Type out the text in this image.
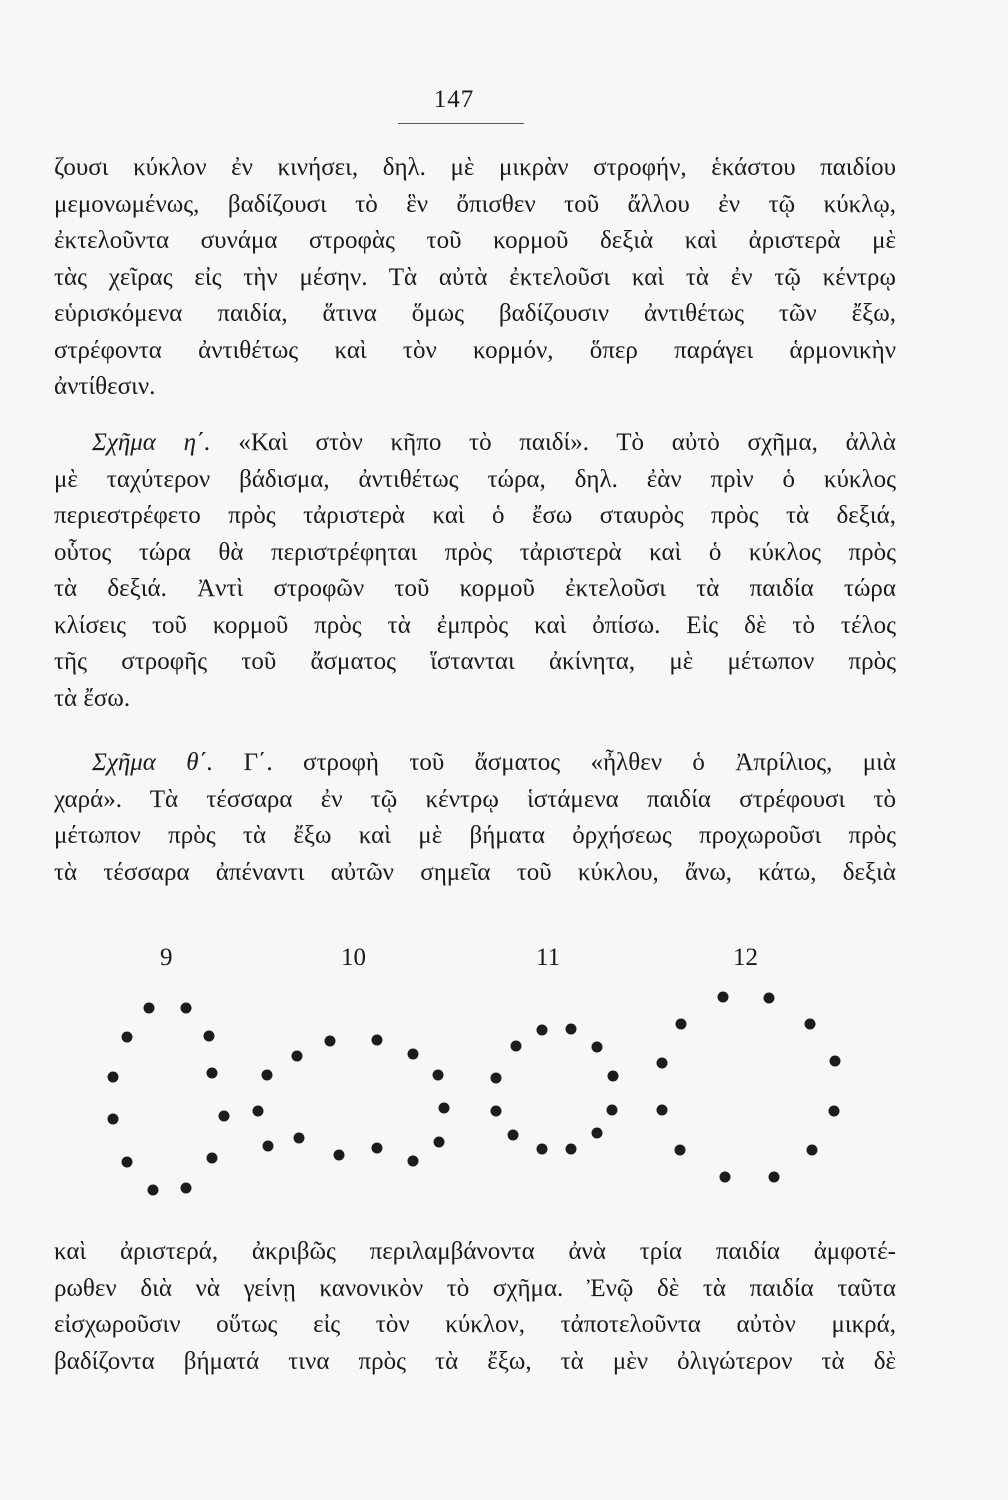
147
ζουσι κύκλον ἐν κινήσει, δηλ. μὲ μικρὰν στροφήν, ἑκάστου παιδίου
μεμονωμένως, βαδίζουσι τὸ ἓν ὄπισθεν τοῦ ἄλλου ἐν τῷ κύκλῳ,
ἐκτελοῦντα συνάμα στροφὰς τοῦ κορμοῦ δεξιὰ καὶ ἀριστερὰ μὲ
τὰς χεῖρας εἰς τὴν μέσην. Τὰ αὐτὰ ἐκτελοῦσι καὶ τὰ ἐν τῷ κέντρῳ
εὑρισκόμενα παιδία, ἅτινα ὅμως βαδίζουσιν ἀντιθέτως τῶν ἔξω,
στρέφοντα ἀντιθέτως καὶ τὸν κορμόν, ὅπερ παράγει ἁρμονικὴν
ἀντίθεσιν.
Σχῆμα η΄. «Καὶ στὸν κῆπο τὸ παιδί». Τὸ αὐτὸ σχῆμα, ἀλλὰ
μὲ ταχύτερον βάδισμα, ἀντιθέτως τώρα, δηλ. ἐὰν πρὶν ὁ κύκλος
περιεστρέφετο πρὸς τἀριστερὰ καὶ ὁ ἔσω σταυρὸς πρὸς τὰ δεξιά,
οὗτος τώρα θὰ περιστρέφηται πρὸς τἀριστερὰ καὶ ὁ κύκλος πρὸς
τὰ δεξιά. Ἀντὶ στροφῶν τοῦ κορμοῦ ἐκτελοῦσι τὰ παιδία τώρα
κλίσεις τοῦ κορμοῦ πρὸς τὰ ἐμπρὸς καὶ ὀπίσω. Εἰς δὲ τὸ τέλος
τῆς στροφῆς τοῦ ἄσματος ἵστανται ἀκίνητα, μὲ μέτωπον πρὸς
τὰ ἔσω.
Σχῆμα θ΄. Γ΄. στροφὴ τοῦ ἄσματος «ἦλθεν ὁ Ἀπρίλιος, μιὰ
χαρά». Τὰ τέσσαρα ἐν τῷ κέντρῳ ἱστάμενα παιδία στρέφουσι τὸ
μέτωπον πρὸς τὰ ἔξω καὶ μὲ βήματα ὀρχήσεως προχωροῦσι πρὸς
τὰ τέσσαρα ἀπέναντι αὐτῶν σημεῖα τοῦ κύκλου, ἄνω, κάτω, δεξιὰ
9	10	11	12
καὶ ἀριστερά, ἀκριβῶς περιλαμβάνοντα ἀνὰ τρία παιδία ἀμφοτέ-
ρωθεν διὰ νὰ γείνῃ κανονικὸν τὸ σχῆμα. Ἐνῷ δὲ τὰ παιδία ταῦτα
εἰσχωροῦσιν οὕτως εἰς τὸν κύκλον, τἀποτελοῦντα αὐτὸν μικρά,
βαδίζοντα βήματά τινα πρὸς τὰ ἔξω, τὰ μὲν ὀλιγώτερον τὰ δὲ
